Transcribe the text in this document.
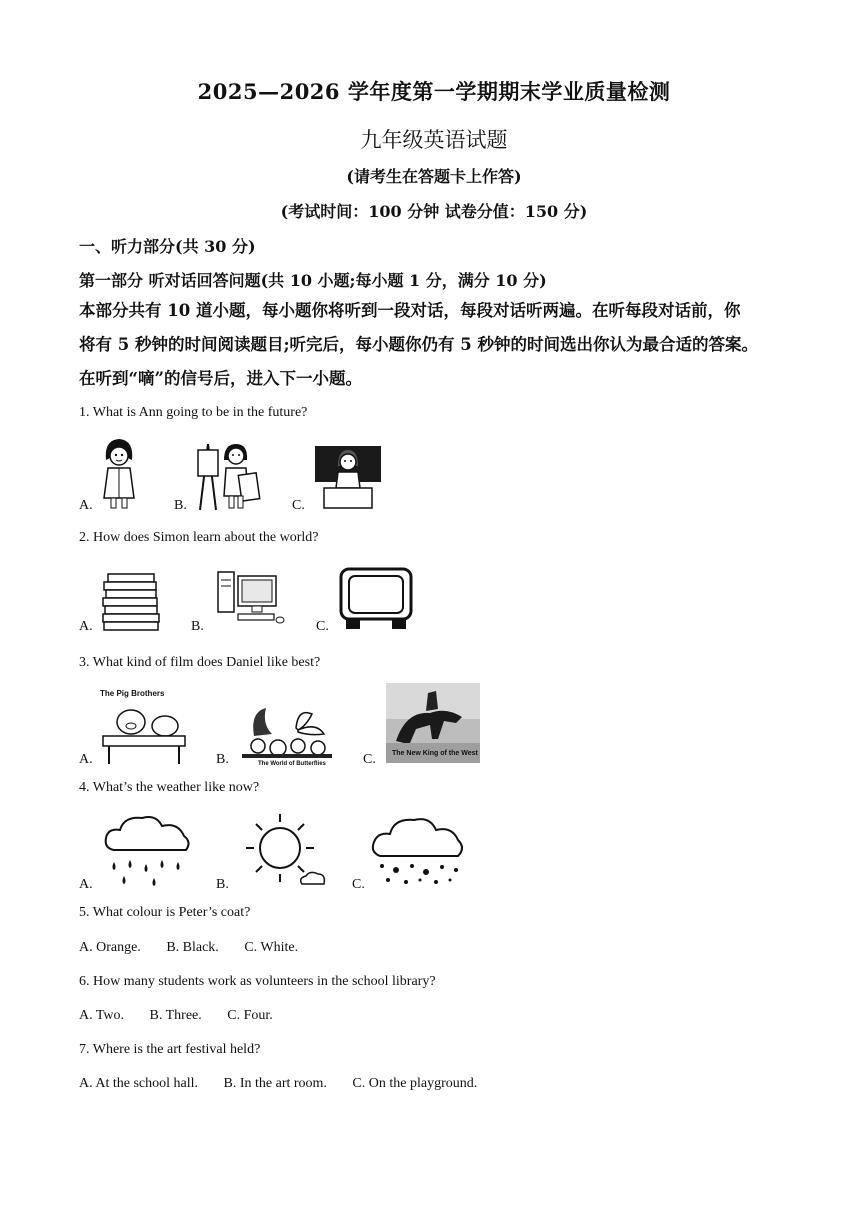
2025—2026 学年度第一学期期末学业质量检测
九年级英语试题
(请考生在答题卡上作答)
(考试时间：100 分钟 试卷分值：150 分)
一、听力部分(共 30 分)
第一部分 听对话回答问题(共 10 小题;每小题 1 分，满分 10 分)
本部分共有 10 道小题，每小题你将听到一段对话，每段对话听两遍。在听每段对话前，你
将有 5 秒钟的时间阅读题目;听完后，每小题你仍有 5 秒钟的时间选出你认为最合适的答案。
在听到“嘀”的信号后，进入下一小题。
1. What is Ann going to be in the future?
A.	B.	C.
2. How does Simon learn about the world?
A.	B.	C.
3. What kind of film does Daniel like best?
A.	B.	C.
The Pig Brothers
The World of Butterflies
The New King of the West
4. What’s the weather like now?
A.	B.	C.
5. What colour is Peter’s coat?
A. Orange. B. Black. C. White.
6. How many students work as volunteers in the school library?
A. Two. B. Three. C. Four.
7. Where is the art festival held?
A. At the school hall. B. In the art room. C. On the playground.
